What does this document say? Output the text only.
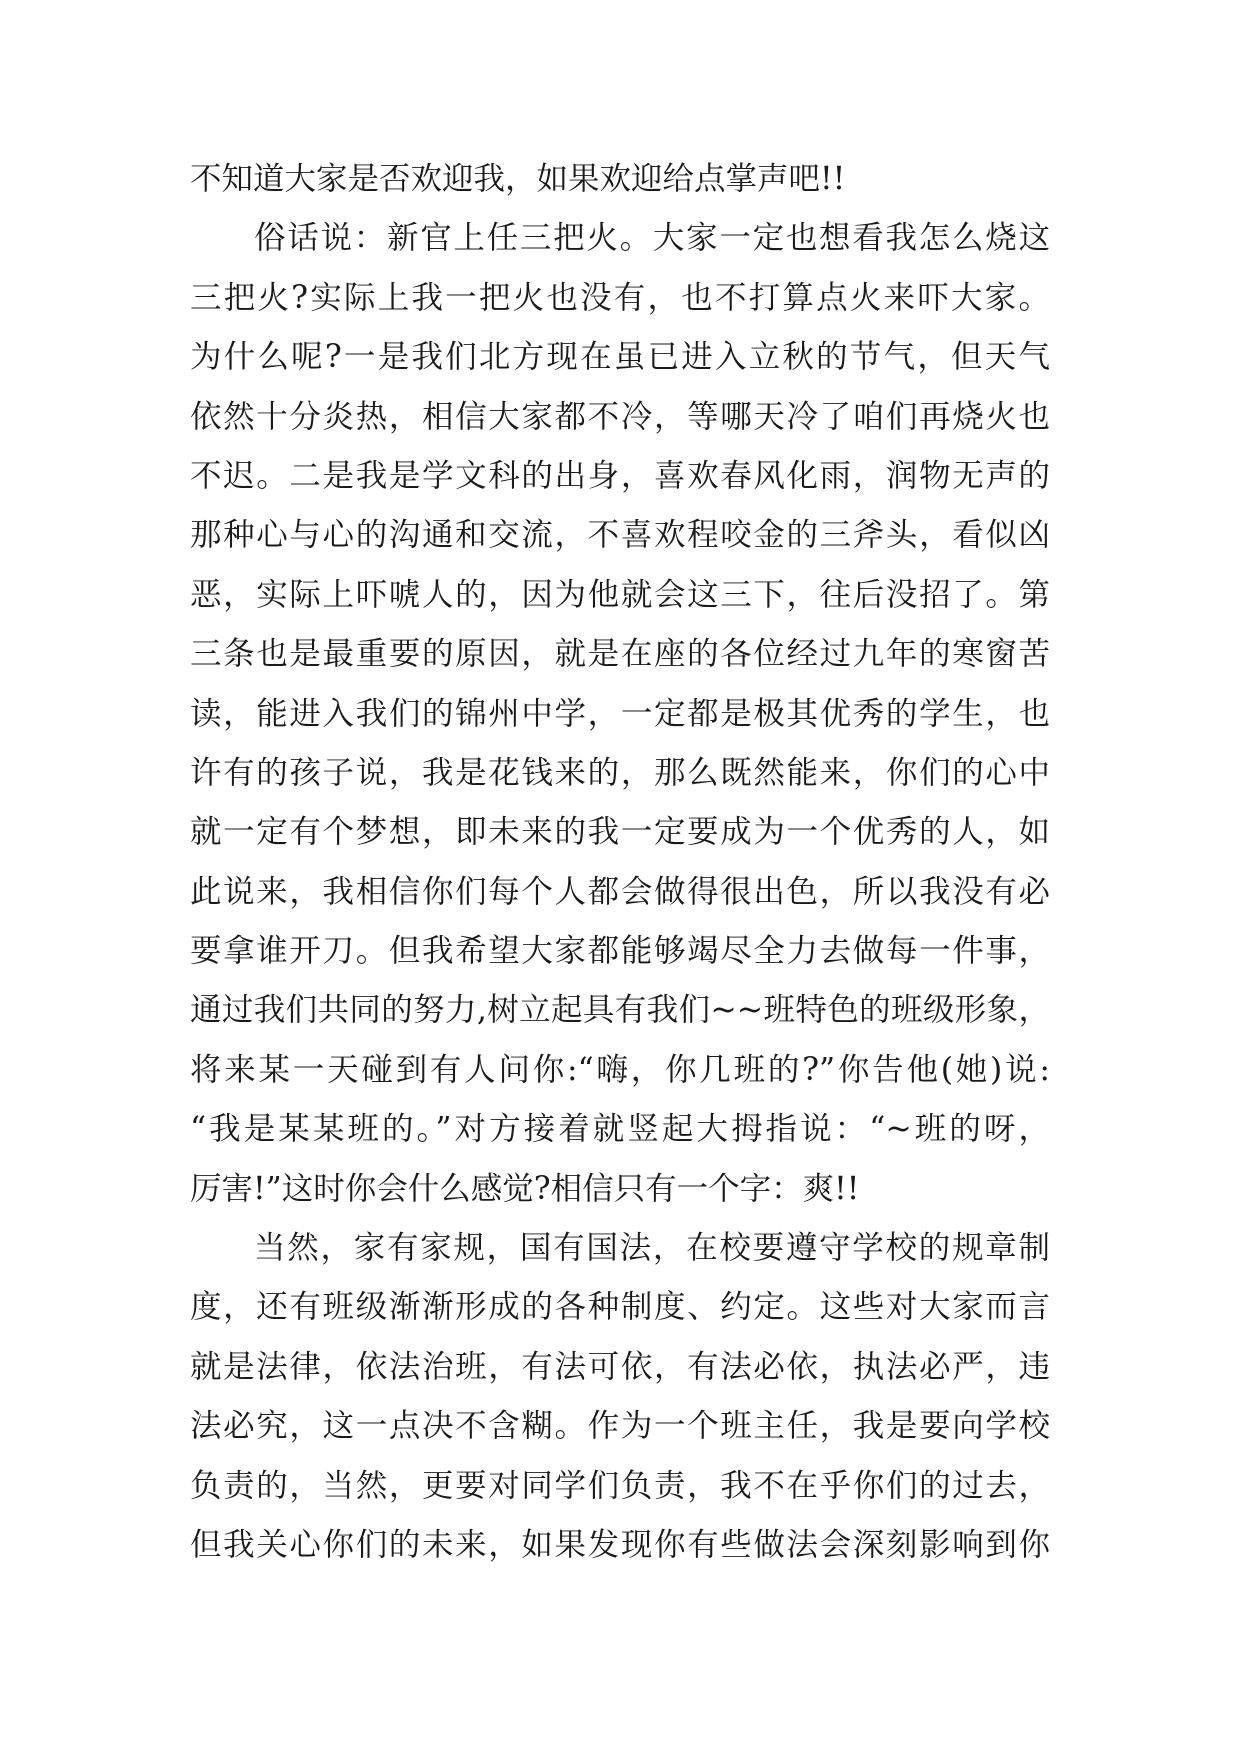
不知道大家是否欢迎我，如果欢迎给点掌声吧!!
俗话说：新官上任三把火。大家一定也想看我怎么烧这
三把火?实际上我一把火也没有，也不打算点火来吓大家。
为什么呢?一是我们北方现在虽已进入立秋的节气，但天气
依然十分炎热，相信大家都不冷，等哪天冷了咱们再烧火也
不迟。二是我是学文科的出身，喜欢春风化雨，润物无声的
那种心与心的沟通和交流，不喜欢程咬金的三斧头，看似凶
恶，实际上吓唬人的，因为他就会这三下，往后没招了。第
三条也是最重要的原因，就是在座的各位经过九年的寒窗苦
读，能进入我们的锦州中学，一定都是极其优秀的学生，也
许有的孩子说，我是花钱来的，那么既然能来，你们的心中
就一定有个梦想，即未来的我一定要成为一个优秀的人，如
此说来，我相信你们每个人都会做得很出色，所以我没有必
要拿谁开刀。但我希望大家都能够竭尽全力去做每一件事，
通过我们共同的努力,树立起具有我们~~班特色的班级形象，
将来某一天碰到有人问你:“嗨，你几班的?”你告他(她)说:
“我是某某班的。”对方接着就竖起大拇指说：“~班的呀，
厉害!”这时你会什么感觉?相信只有一个字：爽!!
当然，家有家规，国有国法，在校要遵守学校的规章制
度，还有班级渐渐形成的各种制度、约定。这些对大家而言
就是法律，依法治班，有法可依，有法必依，执法必严，违
法必究，这一点决不含糊。作为一个班主任，我是要向学校
负责的，当然，更要对同学们负责，我不在乎你们的过去，
但我关心你们的未来，如果发现你有些做法会深刻影响到你
